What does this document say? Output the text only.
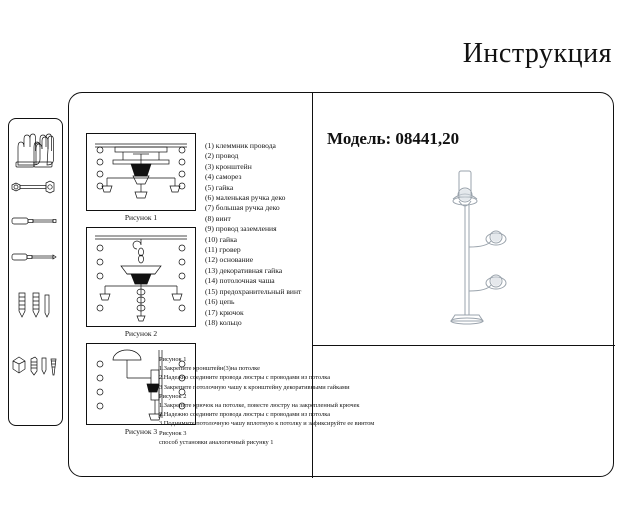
Инструкция
Рисунок 1
Рисунок 2
Рисунок 3
(1) клеммник провода
(2) провод
(3) кронштейн
(4) саморез
(5) гайка
(6) маленькая ручка деко
(7) большая ручка деко
(8) винт
(9) провод заземления
(10) гайка
(11) гровер
(12) основание
(13) декоративная гайка
(14) потолочная чаша
(15) предохранительный винт
(16) цепь
(17) крючок
(18) кольцо
Модель: 08441,20
Рисунок 1
1.Закрепите кронштейн(3)на потолке
2.Надежно соедините провода люстры с проводами из потолка
3 Закрепите потолочную чашу к кронштейну декоративными гайками
Рисунок 2
1.Закрепите крючок на потолке, повесте люстру на закрепленный крючек
2.Надежно соедините провода люстры с проводами из потолка
3.Поднимите потолочную чашу вплотную к потолку и зафиксируйте ее винтом
Рисунок 3
способ установки аналогичный рисунку 1
